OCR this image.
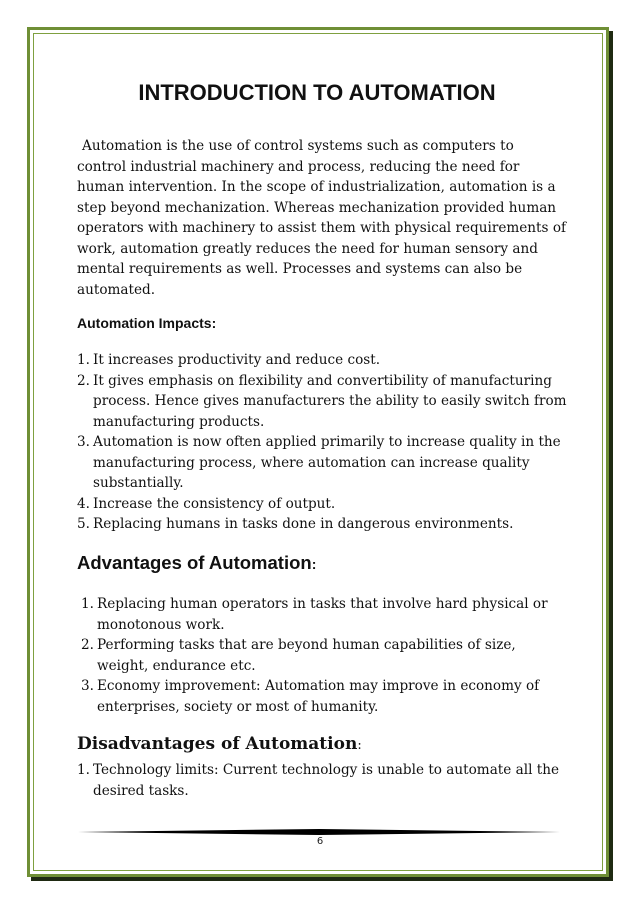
INTRODUCTION TO AUTOMATION

Automation is the use of control systems such as computers to control industrial machinery and process, reducing the need for human intervention. In the scope of industrialization, automation is a step beyond mechanization. Whereas mechanization provided human operators with machinery to assist them with physical requirements of work, automation greatly reduces the need for human sensory and mental requirements as well. Processes and systems can also be automated.

Automation Impacts:
1. It increases productivity and reduce cost.
2. It gives emphasis on flexibility and convertibility of manufacturing process. Hence gives manufacturers the ability to easily switch from manufacturing products.
3. Automation is now often applied primarily to increase quality in the manufacturing process, where automation can increase quality substantially.
4. Increase the consistency of output.
5. Replacing humans in tasks done in dangerous environments.
Advantages of Automation:
1. Replacing human operators in tasks that involve hard physical or monotonous work.
2. Performing tasks that are beyond human capabilities of size, weight, endurance etc.
3. Economy improvement: Automation may improve in economy of enterprises, society or most of humanity.
Disadvantages of Automation:
1. Technology limits: Current technology is unable to automate all the desired tasks.
6
